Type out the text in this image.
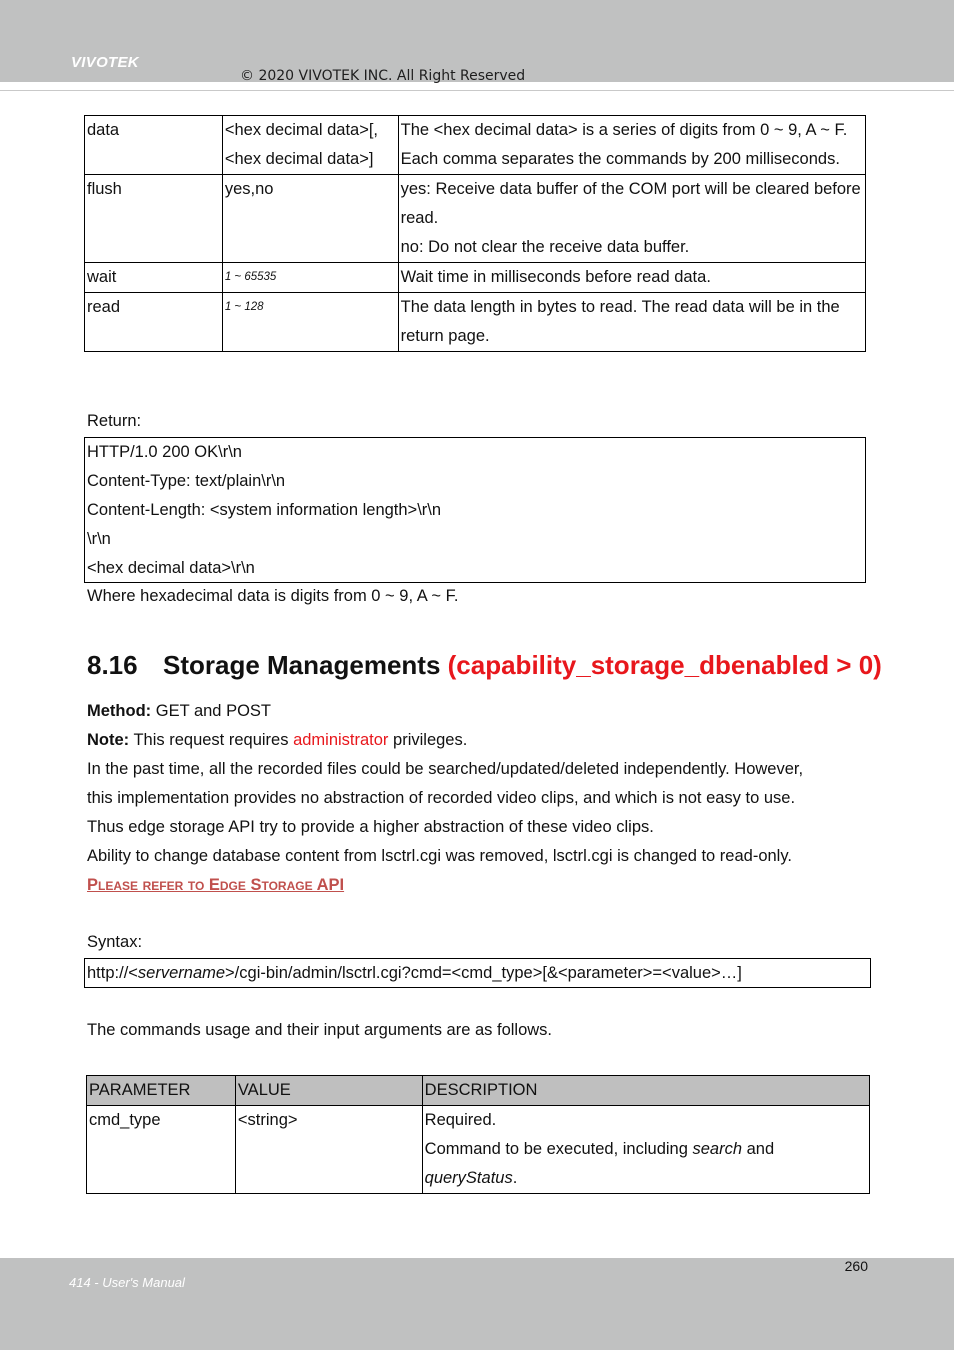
VIVOTEK
© 2020 VIVOTEK INC. All Right Reserved
data	<hex decimal data>[,<hex decimal data>]	The <hex decimal data> is a series of digits from 0 ~ 9, A ~ F. Each comma separates the commands by 200 milliseconds.
flush	yes,no	yes: Receive data buffer of the COM port will be cleared before read.
no: Do not clear the receive data buffer.

wait	1 ~ 65535	Wait time in milliseconds before read data.
read	1 ~ 128	The data length in bytes to read. The read data will be in the return page.
Return:
HTTP/1.0 200 OK\r\n
Content-Type: text/plain\r\n
Content-Length: <system information length>\r\n
\r\n
<hex decimal data>\r\n
Where hexadecimal data is digits from 0 ~ 9, A ~ F.
8.16 Storage Managements (capability_storage_dbenabled > 0)
Method: GET and POST
Note: This request requires administrator privileges.
In the past time, all the recorded files could be searched/updated/deleted independently. However,
this implementation provides no abstraction of recorded video clips, and which is not easy to use.
Thus edge storage API try to provide a higher abstraction of these video clips.
Ability to change database content from lsctrl.cgi was removed, lsctrl.cgi is changed to read-only.
Please refer to Edge Storage API
Syntax:
http://<servername>/cgi-bin/admin/lsctrl.cgi?cmd=<cmd_type>[&<parameter>=<value>…]
The commands usage and their input arguments are as follows.
PARAMETER	VALUE	DESCRIPTION
cmd_type	<string>	Required.
Command to be executed, including search and
queryStatus.
260
414 - User's Manual
